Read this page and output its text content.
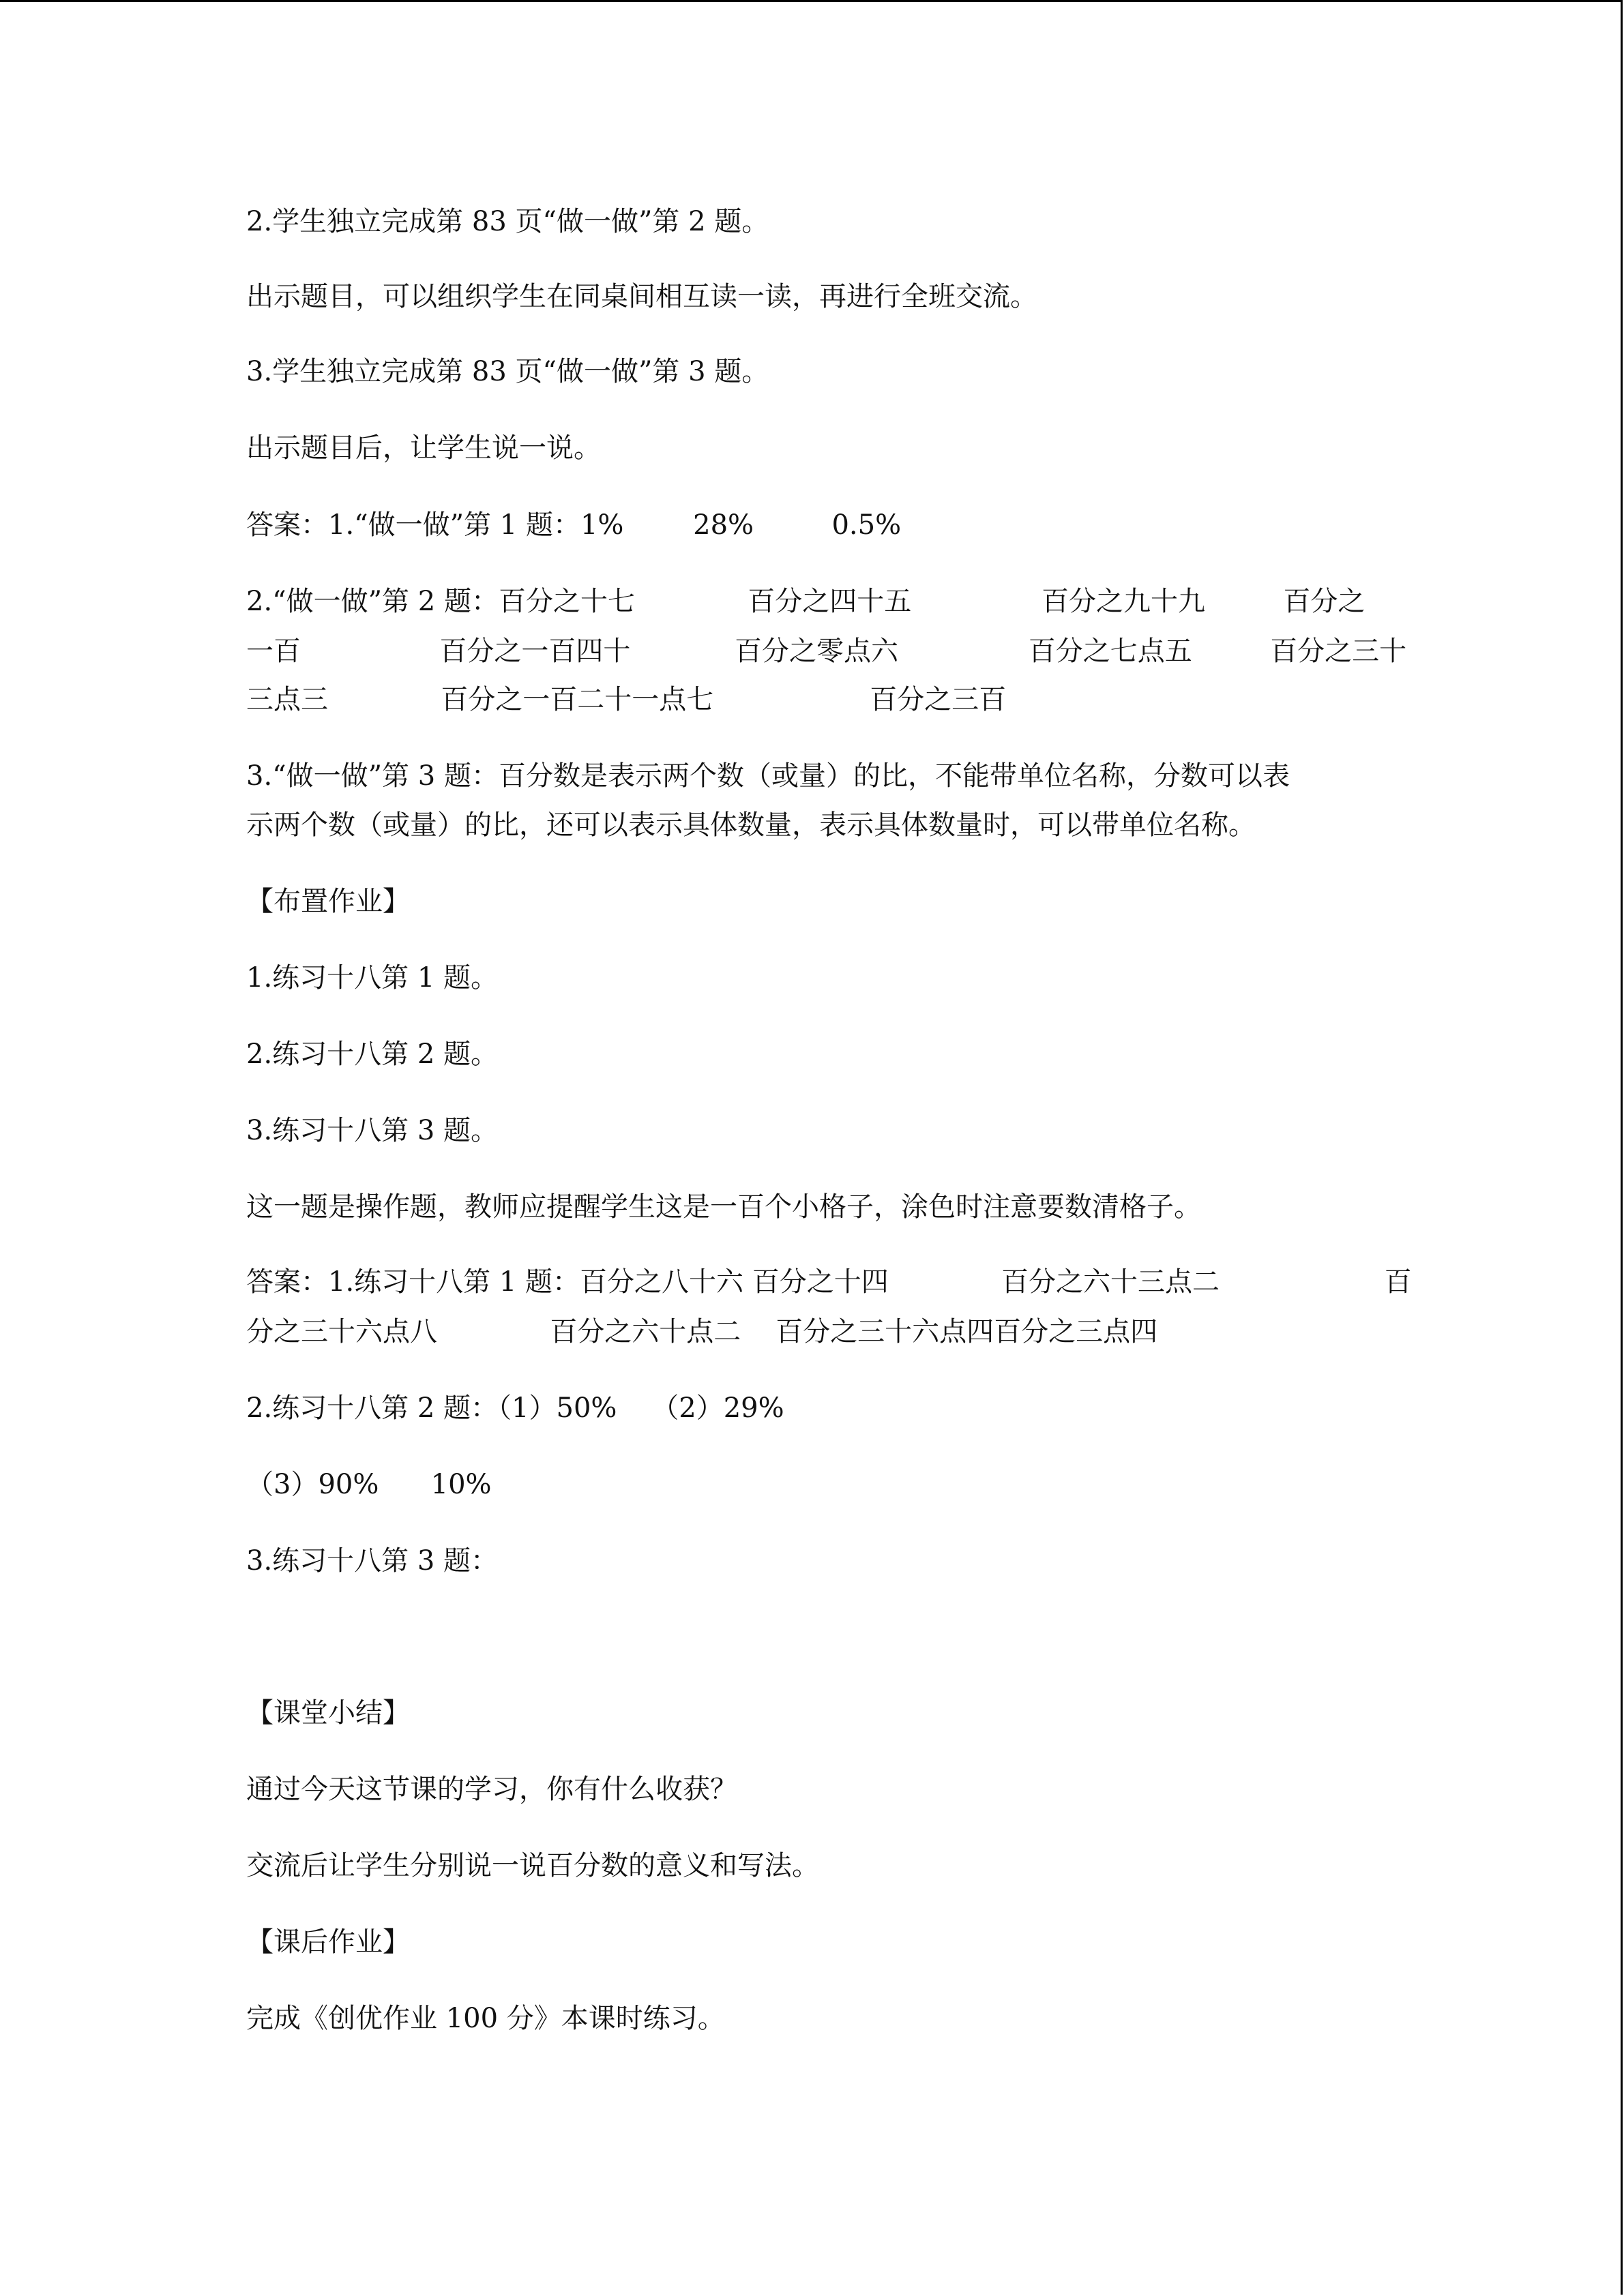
2.学生独立完成第 83 页“做一做”第 2 题。
出示题目，可以组织学生在同桌间相互读一读，再进行全班交流。
3.学生独立完成第 83 页“做一做”第 3 题。
出示题目后，让学生说一说。
答案：1.“做一做”第 1 题：1%        28%         0.5%
2.“做一做”第 2 题：百分之十七             百分之四十五               百分之九十九         百分之
一百                百分之一百四十            百分之零点六               百分之七点五         百分之三十
三点三             百分之一百二十一点七                  百分之三百
3.“做一做”第 3 题：百分数是表示两个数（或量）的比，不能带单位名称，分数可以表
示两个数（或量）的比，还可以表示具体数量，表示具体数量时，可以带单位名称。
【布置作业】
1.练习十八第 1 题。
2.练习十八第 2 题。
3.练习十八第 3 题。
这一题是操作题，教师应提醒学生这是一百个小格子，涂色时注意要数清格子。
答案：1.练习十八第 1 题：百分之八十六 百分之十四             百分之六十三点二                   百
分之三十六点八             百分之六十点二    百分之三十六点四百分之三点四
2.练习十八第 2 题：（1）50%    （2）29%
（3）90%      10%
3.练习十八第 3 题：
【课堂小结】
通过今天这节课的学习，你有什么收获？
交流后让学生分别说一说百分数的意义和写法。
【课后作业】
完成《创优作业 100 分》本课时练习。
